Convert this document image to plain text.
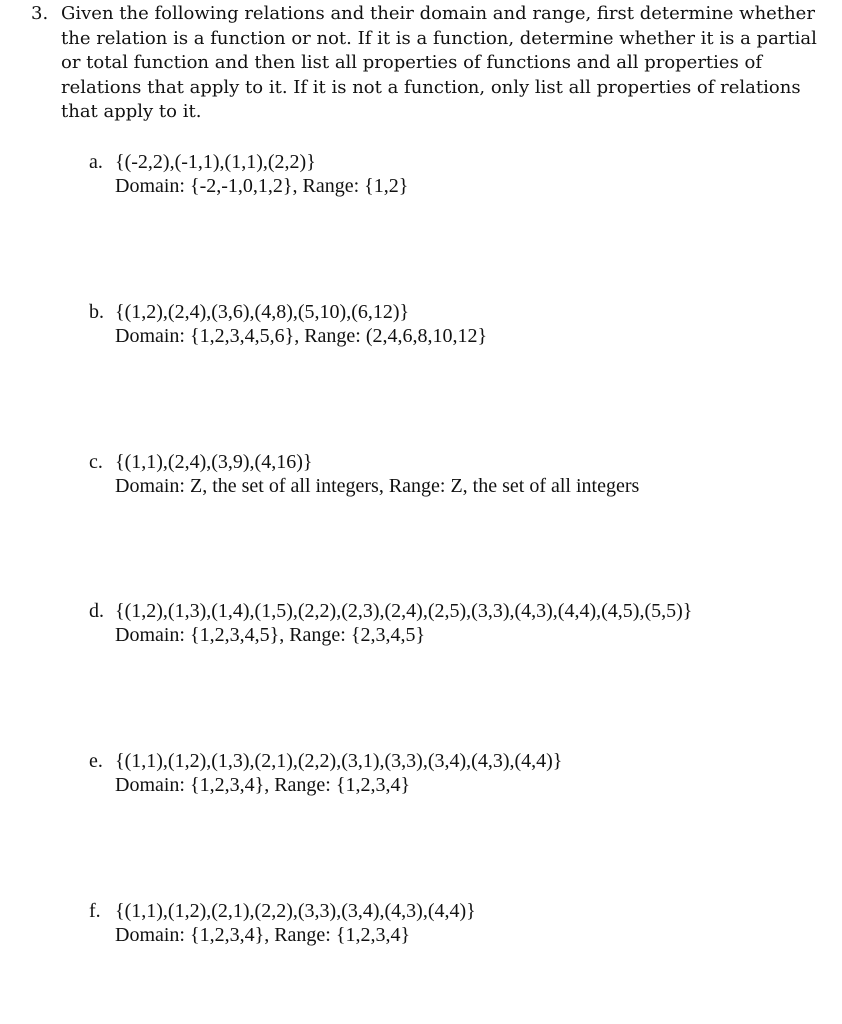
3. Given the following relations and their domain and range, first determine whether the relation is a function or not. If it is a function, determine whether it is a partial or total function and then list all properties of functions and all properties of relations that apply to it. If it is not a function, only list all properties of relations that apply to it.
a. {(-2,2),(-1,1),(1,1),(2,2)}
Domain: {-2,-1,0,1,2}, Range: {1,2}
b. {(1,2),(2,4),(3,6),(4,8),(5,10),(6,12)}
Domain: {1,2,3,4,5,6}, Range: (2,4,6,8,10,12}
c. {(1,1),(2,4),(3,9),(4,16)}
Domain: Z, the set of all integers, Range: Z, the set of all integers
d. {(1,2),(1,3),(1,4),(1,5),(2,2),(2,3),(2,4),(2,5),(3,3),(4,3),(4,4),(4,5),(5,5)}
Domain: {1,2,3,4,5}, Range: {2,3,4,5}
e. {(1,1),(1,2),(1,3),(2,1),(2,2),(3,1),(3,3),(3,4),(4,3),(4,4)}
Domain: {1,2,3,4}, Range: {1,2,3,4}
f. {(1,1),(1,2),(2,1),(2,2),(3,3),(3,4),(4,3),(4,4)}
Domain: {1,2,3,4}, Range: {1,2,3,4}
